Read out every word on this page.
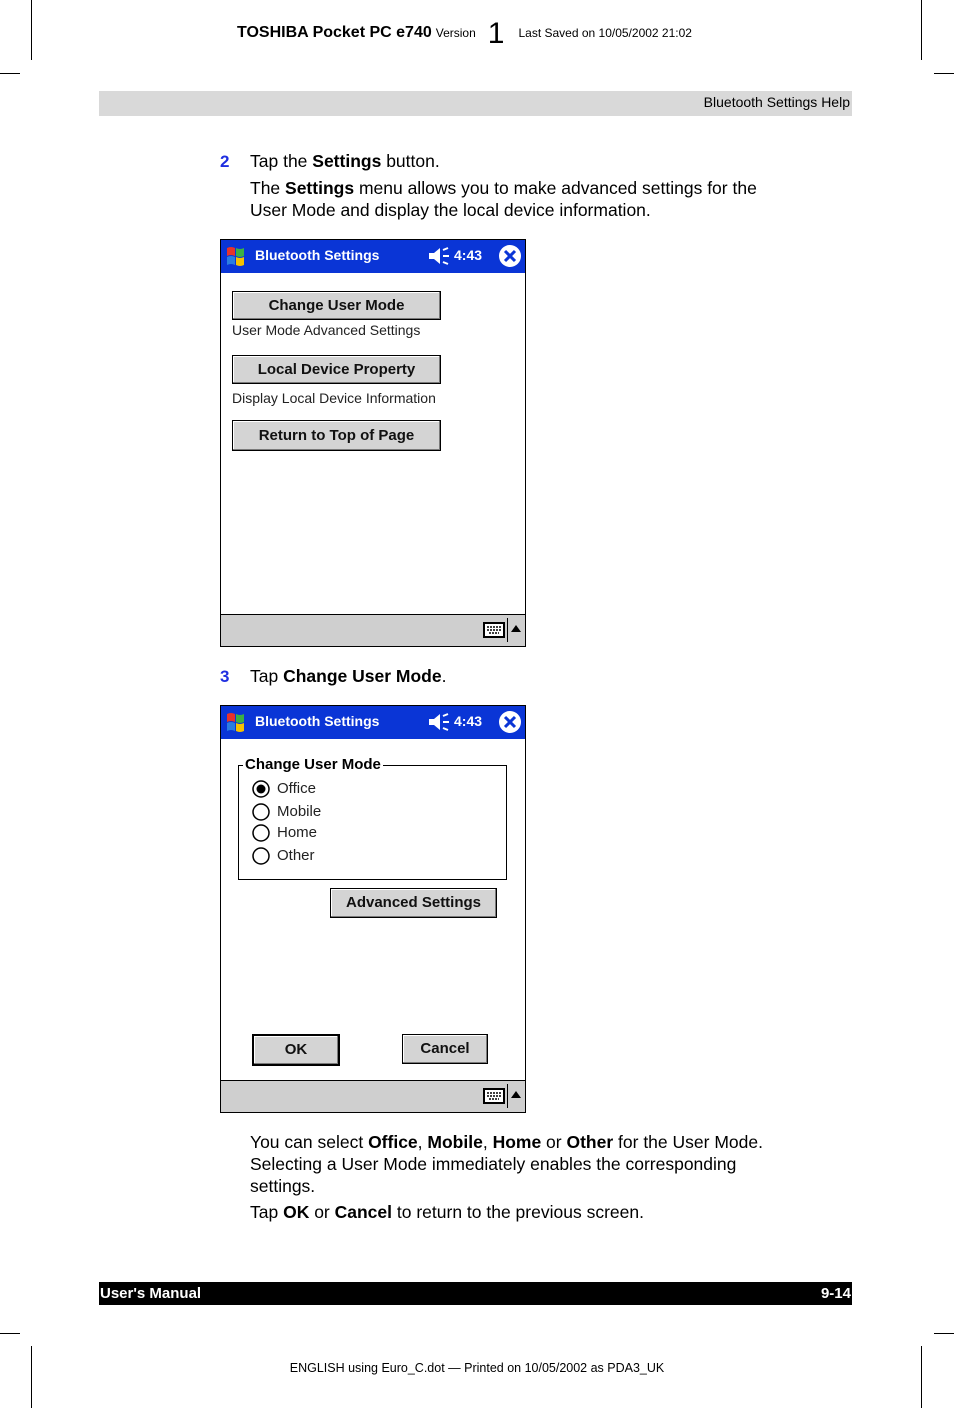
TOSHIBA Pocket PC e740 Version 1 Last Saved on 10/05/2002 21:02
Bluetooth Settings Help
2 Tap the Settings button.
The Settings menu allows you to make advanced settings for the
User Mode and display the local device information.
Bluetooth Settings	4:43
Change User Mode
User Mode Advanced Settings
Local Device Property
Display Local Device Information
Return to Top of Page
3 Tap Change User Mode.
Bluetooth Settings	4:43
Change User Mode
Office
Mobile
Home
Other
Advanced Settings
OK	Cancel
You can select Office, Mobile, Home or Other for the User Mode.
Selecting a User Mode immediately enables the corresponding
settings.
Tap OK or Cancel to return to the previous screen.
User's Manual	9-14
ENGLISH using Euro_C.dot — Printed on 10/05/2002 as PDA3_UK
